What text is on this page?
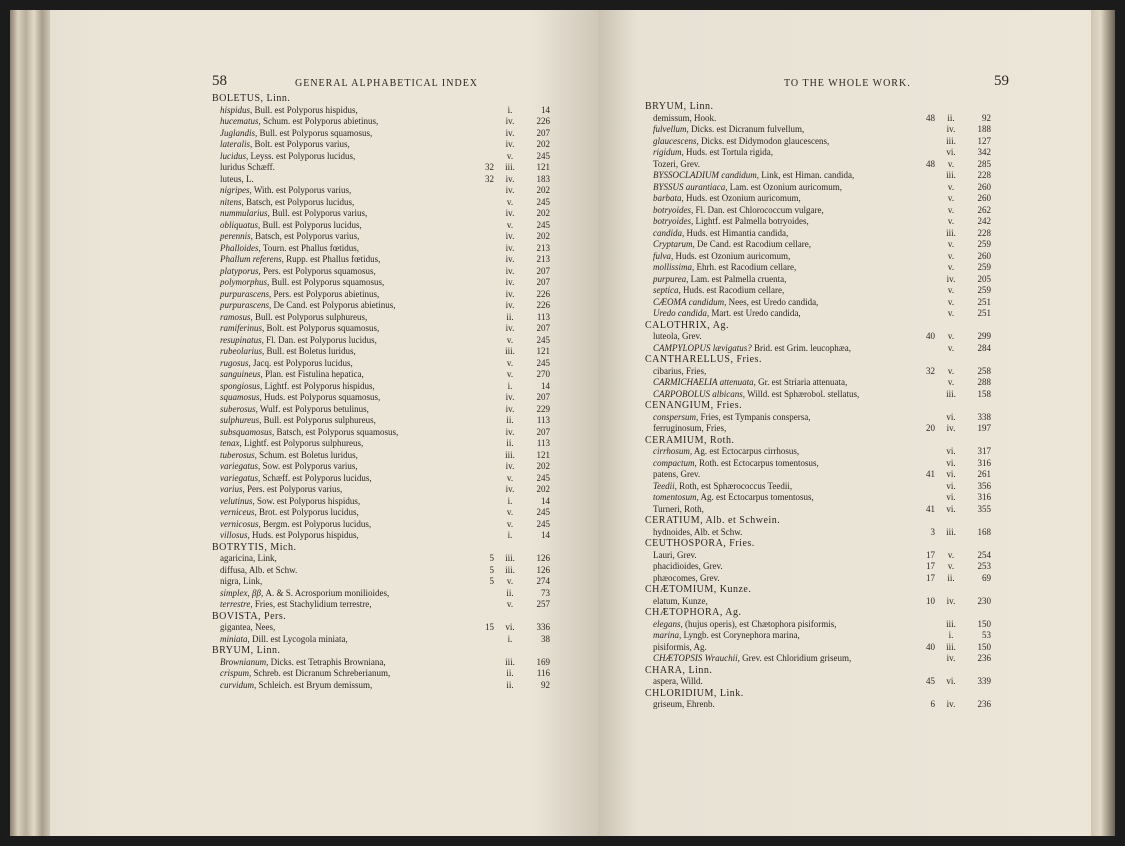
58	GENERAL ALPHABETICAL INDEX
BOLETUS, Linn.
hispidus, Bull. est Polyporus hispidus,	i.	14
hucematus, Schum. est Polyporus abietinus,	iv.	226
Juglandis, Bull. est Polyporus squamosus,	iv.	207
lateralis, Bolt. est Polyporus varius,	iv.	202
lucidus, Leyss. est Polyporus lucidus,	v.	245
luridus Schæff.	32	iii.	121
luteus, L.	32	iv.	183
nigripes, With. est Polyporus varius,	iv.	202
nitens, Batsch, est Polyporus lucidus,	v.	245
nummularius, Bull. est Polyporus varius,	iv.	202
obliquatus, Bull. est Polyporus lucidus,	v.	245
perennis, Batsch, est Polyporus varius,	iv.	202
Phalloides, Tourn. est Phallus fœtidus,	iv.	213
Phallum referens, Rupp. est Phallus fœtidus,	iv.	213
platyporus, Pers. est Polyporus squamosus,	iv.	207
polymorphus, Bull. est Polyporus squamosus,	iv.	207
purpurascens, Pers. est Polyporus abietinus,	iv.	226
purpurascens, De Cand. est Polyporus abietinus,	iv.	226
ramosus, Bull. est Polyporus sulphureus,	ii.	113
ramiferinus, Bolt. est Polyporus squamosus,	iv.	207
resupinatus, Fl. Dan. est Polyporus lucidus,	v.	245
rubeolarius, Bull. est Boletus luridus,	iii.	121
rugosus, Jacq. est Polyporus lucidus,	v.	245
sanguineus, Plan. est Fistulina hepatica,	v.	270
spongiosus, Lightf. est Polyporus hispidus,	i.	14
squamosus, Huds. est Polyporus squamosus,	iv.	207
suberosus, Wulf. est Polyporus betulinus,	iv.	229
sulphureus, Bull. est Polyporus sulphureus,	ii.	113
subsquamosus, Batsch, est Polyporus squamosus,	iv.	207
tenax, Lightf. est Polyporus sulphureus,	ii.	113
tuberosus, Schum. est Boletus luridus,	iii.	121
variegatus, Sow. est Polyporus varius,	iv.	202
variegatus, Schæff. est Polyporus lucidus,	v.	245
varius, Pers. est Polyporus varius,	iv.	202
velutinus, Sow. est Polyporus hispidus,	i.	14
verniceus, Brot. est Polyporus lucidus,	v.	245
vernicosus, Bergm. est Polyporus lucidus,	v.	245
villosus, Huds. est Polyporus hispidus,	i.	14
BOTRYTIS, Mich.
agaricina, Link,	5	iii.	126
diffusa, Alb. et Schw.	5	iii.	126
nigra, Link,	5	v.	274
simplex, ββ, A. & S. Acrosporium monilioides,	ii.	73
terrestre, Fries, est Stachylidium terrestre,	v.	257
BOVISTA, Pers.
gigantea, Nees,	15	vi.	336
miniata, Dill. est Lycogola miniata,	i.	38
BRYUM, Linn.
Brownianum, Dicks. est Tetraphis Browniana,	iii.	169
crispum, Schreb. est Dicranum Schreberianum,	ii.	116
curvidum, Schleich. est Bryum demissum,	ii.	92
TO THE WHOLE WORK.	59
BRYUM, Linn.
demissum, Hook.	48	ii.	92
fulvellum, Dicks. est Dicranum fulvellum,	iv.	188
glaucescens, Dicks. est Didymodon glaucescens,	iii.	127
rigidum, Huds. est Tortula rigida,	vi.	342
Tozeri, Grev.	48	v.	285
BYSSOCLADIUM candidum, Link, est Himan. candida,	iii.	228
BYSSUS aurantiaca, Lam. est Ozonium auricomum,	v.	260
barbata, Huds. est Ozonium auricomum,	v.	260
botryoides, Fl. Dan. est Chlorococcum vulgare,	v.	262
botryoides, Lightf. est Palmella botryoides,	v.	242
candida, Huds. est Himantia candida,	iii.	228
Cryptarum, De Cand. est Racodium cellare,	v.	259
fulva, Huds. est Ozonium auricomum,	v.	260
mollissima, Ehrh. est Racodium cellare,	v.	259
purpurea, Lam. est Palmella cruenta,	iv.	205
septica, Huds. est Racodium cellare,	v.	259
CÆOMA candidum, Nees, est Uredo candida,	v.	251
Uredo candida, Mart. est Uredo candida,	v.	251
CALOTHRIX, Ag.
luteola, Grev.	40	v.	299
CAMPYLOPUS lævigatus? Brid. est Grim. leucophæa,	v.	284
CANTHARELLUS, Fries.
cibarius, Fries,	32	v.	258
CARMICHAELIA attenuata, Gr. est Striaria attenuata,	v.	288
CARPOBOLUS albicans, Willd. est Sphærobol. stellatus,	iii.	158
CENANGIUM, Fries.
conspersum, Fries, est Tympanis conspersa,	vi.	338
ferruginosum, Fries,	20	iv.	197
CERAMIUM, Roth.
cirrhosum, Ag. est Ectocarpus cirrhosus,	vi.	317
compactum, Roth. est Ectocarpus tomentosus,	vi.	316
patens, Grev.	41	vi.	261
Teedii, Roth, est Sphærococcus Teedii,	vi.	356
tomentosum, Ag. est Ectocarpus tomentosus,	vi.	316
Turneri, Roth,	41	vi.	355
CERATIUM, Alb. et Schwein.
hydnoides, Alb. et Schw.	3	iii.	168
CEUTHOSPORA, Fries.
Lauri, Grev.	17	v.	254
phacidioides, Grev.	17	v.	253
phæocomes, Grev.	17	ii.	69
CHÆTOMIUM, Kunze.
elatum, Kunze,	10	iv.	230
CHÆTOPHORA, Ag.
elegans, (hujus operis), est Chætophora pisiformis,	iii.	150
marina, Lyngb. est Corynephora marina,	i.	53
pisiformis, Ag.	40	iii.	150
CHÆTOPSIS Wrauchii, Grev. est Chloridium griseum,	iv.	236
CHARA, Linn.
aspera, Willd.	45	vi.	339
CHLORIDIUM, Link.
griseum, Ehrenb.	6	iv.	236
